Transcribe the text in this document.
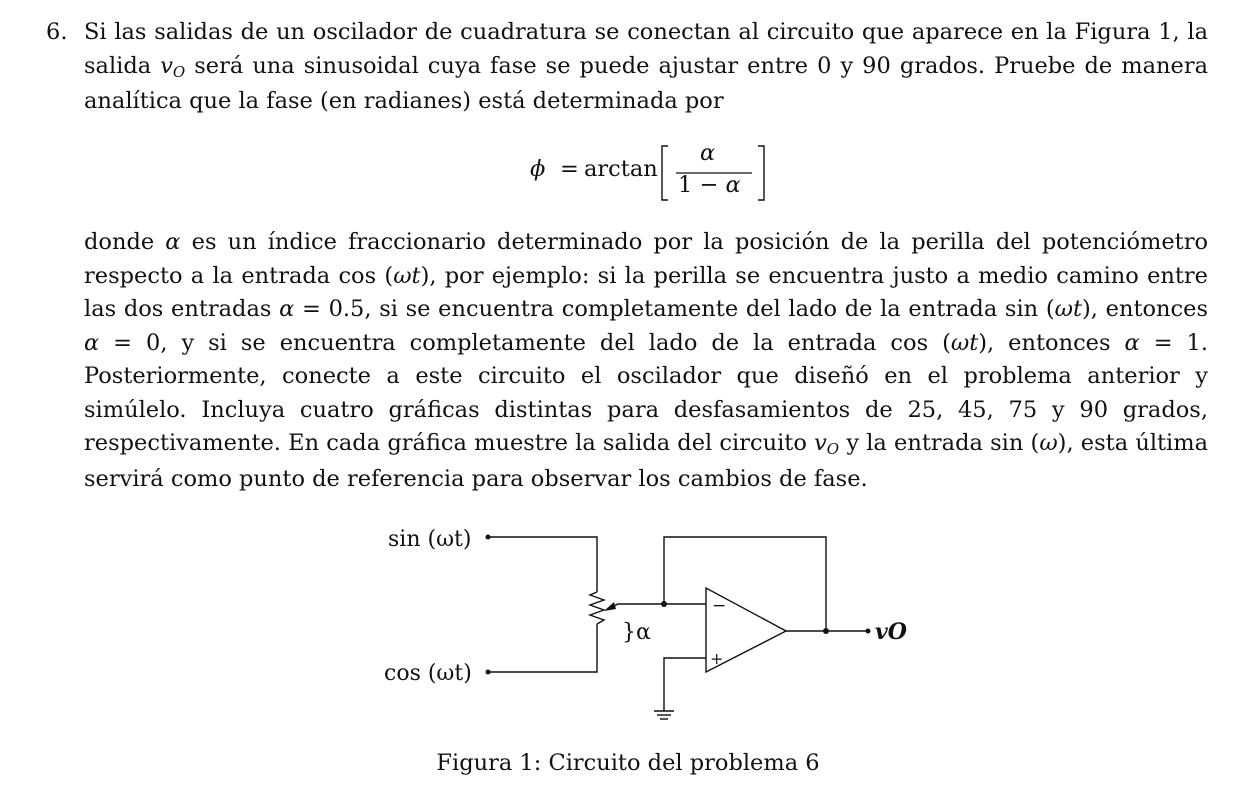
6. Si las salidas de un oscilador de cuadratura se conectan al circuito que aparece en la Figura 1, la salida vO será una sinusoidal cuya fase se puede ajustar entre 0 y 90 grados. Pruebe de manera analítica que la fase (en radianes) está determinada por
ϕ = arctan
α
1 − α
donde α es un índice fraccionario determinado por la posición de la perilla del potenciómetro respecto a la entrada cos (ωt), por ejemplo: si la perilla se encuentra justo a medio camino entre las dos entradas α = 0.5, si se encuentra completamente del lado de la entrada sin (ωt), entonces α = 0, y si se encuentra completamente del lado de la entrada cos (ωt), entonces α = 1. Posteriormente, conecte a este circuito el oscilador que diseñó en el problema anterior y simúlelo. Incluya cuatro gráficas distintas para desfasamientos de 25, 45, 75 y 90 grados, respectivamente. En cada gráfica muestre la salida del circuito vO y la entrada sin (ω), esta última servirá como punto de referencia para observar los cambios de fase.
sin (ωt)
cos (ωt)
}α
−
+
vO
Figura 1: Circuito del problema 6
